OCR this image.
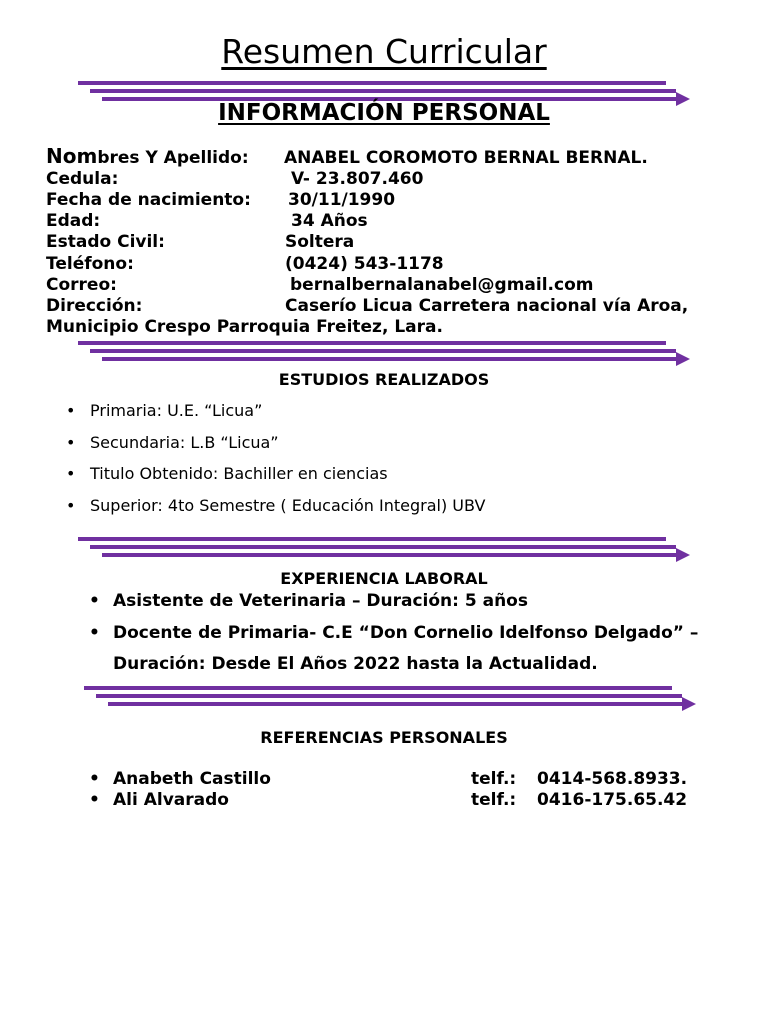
Resumen Curricular
INFORMACIÓN PERSONAL
Nombres Y Apellido: ANABEL COROMOTO BERNAL BERNAL.
Cedula:	V- 23.807.460
Fecha de nacimiento: 30/11/1990
Edad:	34 Años
Estado Civil:	Soltera
Teléfono:	(0424) 543-1178
Correo:	bernalbernalanabel@gmail.com
Dirección:	Caserío Licua Carretera nacional vía Aroa,
Municipio Crespo Parroquia Freitez, Lara.
ESTUDIOS REALIZADOS
• Primaria: U.E. “Licua”
• Secundaria: L.B “Licua”
• Titulo Obtenido: Bachiller en ciencias
• Superior: 4to Semestre ( Educación Integral) UBV
EXPERIENCIA LABORAL
• Asistente de Veterinaria – Duración: 5 años
• Docente de Primaria- C.E “Don Cornelio Idelfonso Delgado” –
Duración: Desde El Años 2022 hasta la Actualidad.
REFERENCIAS PERSONALES
• Anabeth Castillo	telf.: 0414-568.8933.
• Ali Alvarado	telf.: 0416-175.65.42
